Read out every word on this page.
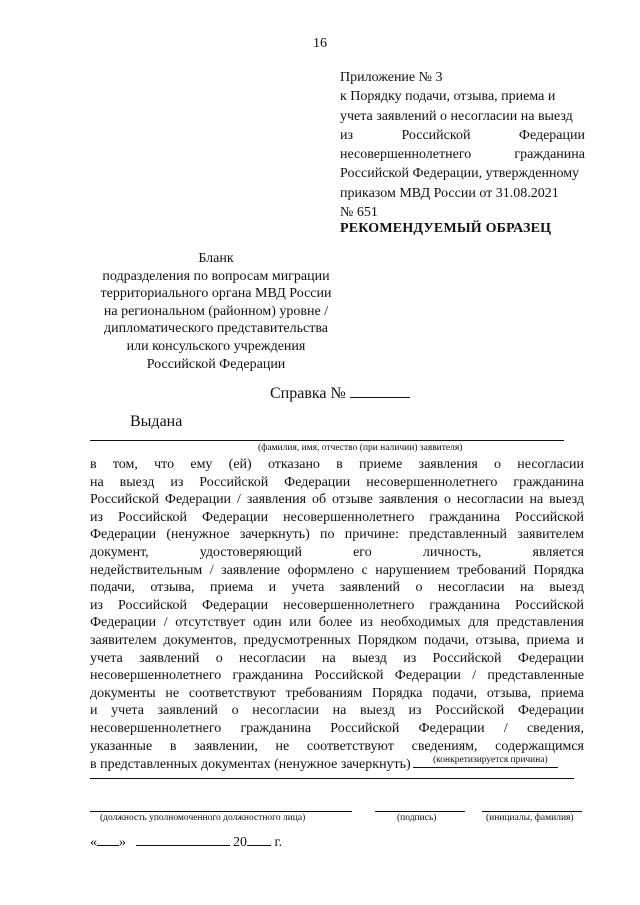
16
Приложение № 3
к Порядку подачи, отзыва, приема и
учета заявлений о несогласии на выезд
из Российской Федерации
несовершеннолетнего гражданина
Российской Федерации, утвержденному
приказом МВД России от 31.08.2021
№ 651
РЕКОМЕНДУЕМЫЙ ОБРАЗЕЦ
Бланк
подразделения по вопросам миграции
территориального органа МВД России
на региональном (районном) уровне /
дипломатического представительства
или консульского учреждения
Российской Федерации
Справка №
Выдана
(фамилия, имя, отчество (при наличии) заявителя)
в том, что ему (ей) отказано в приеме заявления о несогласии
на выезд из Российской Федерации несовершеннолетнего гражданина
Российской Федерации / заявления об отзыве заявления о несогласии на выезд
из Российской Федерации несовершеннолетнего гражданина Российской
Федерации (ненужное зачеркнуть) по причине: представленный заявителем
документ, удостоверяющий его личность, является
недействительным / заявление оформлено с нарушением требований Порядка
подачи, отзыва, приема и учета заявлений о несогласии на выезд
из Российской Федерации несовершеннолетнего гражданина Российской
Федерации / отсутствует один или более из необходимых для представления
заявителем документов, предусмотренных Порядком подачи, отзыва, приема и
учета заявлений о несогласии на выезд из Российской Федерации
несовершеннолетнего гражданина Российской Федерации / представленные
документы не соответствуют требованиям Порядка подачи, отзыва, приема
и учета заявлений о несогласии на выезд из Российской Федерации
несовершеннолетнего гражданина Российской Федерации / сведения,
указанные в заявлении, не соответствуют сведениям, содержащимся
в представленных документах (ненужное зачеркнуть)	(конкретизируется причина)
(должность уполномоченного должностного лица)	(подпись)	(инициалы, фамилия)
« »	20 г.
